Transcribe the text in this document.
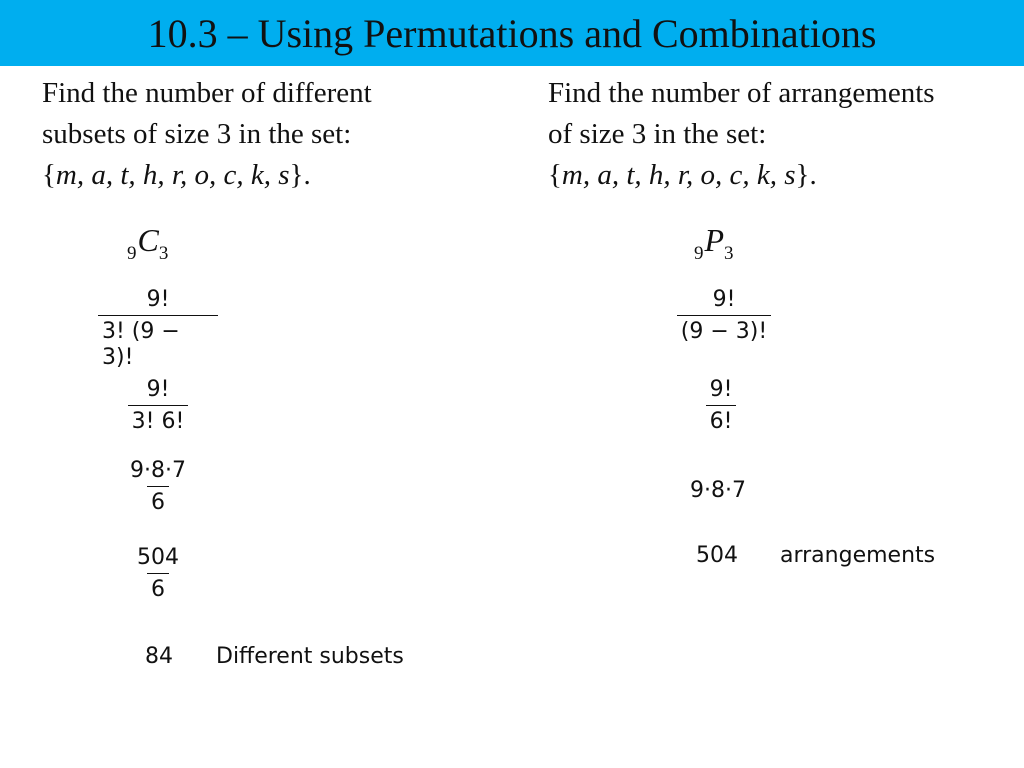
10.3 – Using Permutations and Combinations

Find the number of different

subsets of size 3 in the set:

{m, a, t, h, r, o, c, k, s}.

$_9C_3$
$\frac{9!}{3! (9 - 3)!}$
$\frac{9!}{3! 6!}$
$\frac{9\cdot 8\cdot 7}{6}$
$\frac{504}{6}$
84 Different subsets

Find the number of arrangements

of size 3 in the set:

{m, a, t, h, r, o, c, k, s}.

$_9P_3$
$\frac{9!}{(9 - 3)!}$
$\frac{9!}{6!}$
9·8·7
504 arrangements
